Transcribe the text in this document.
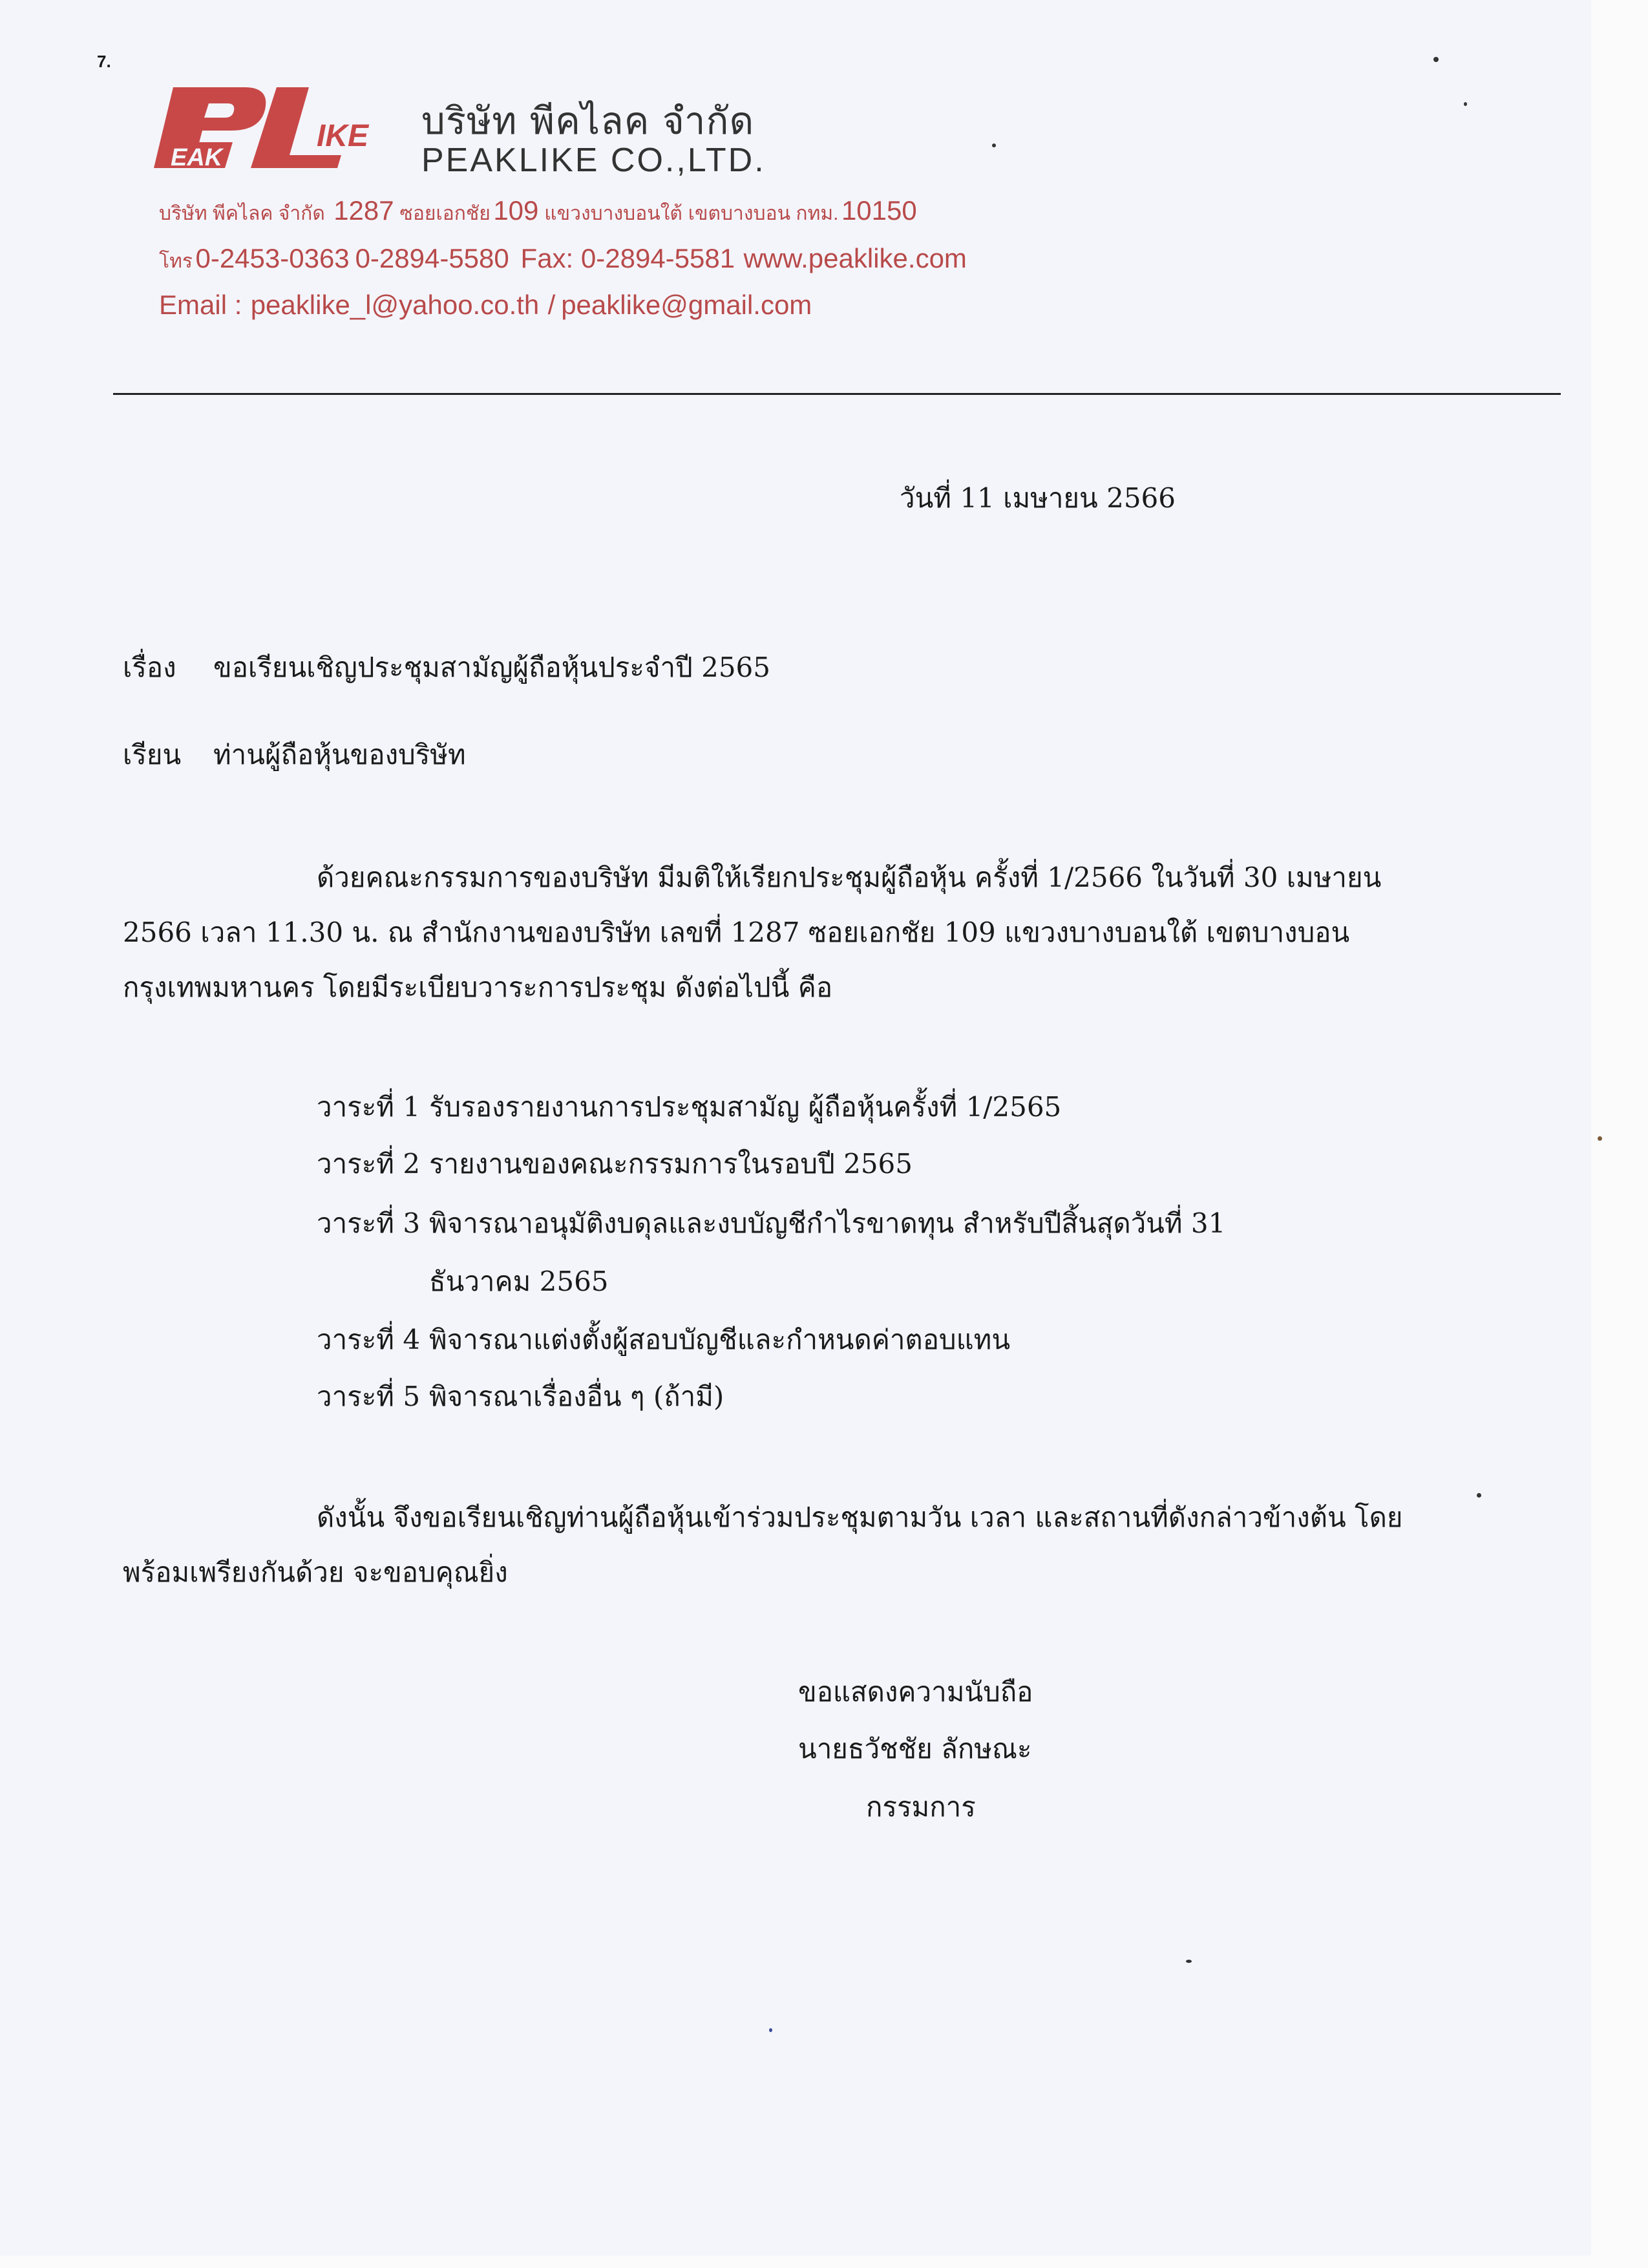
7.
EAK
IKE บริษัท พีคไลค จำกัด
PEAKLIKE CO.,LTD.
บริษัท พีคไลค จำกัด 1287 ซอยเอกชัย 109 แขวงบางบอนใต้ เขตบางบอน กทม. 10150
โทร 0-2453-0363 0-2894-5580 Fax: 0-2894-5581 www.peaklike.com
Email : peaklike_l@yahoo.co.th / peaklike@gmail.com
วันที่ 11 เมษายน 2566
เรื่อง ขอเรียนเชิญประชุมสามัญผู้ถือหุ้นประจำปี 2565
เรียน ท่านผู้ถือหุ้นของบริษัท
ด้วยคณะกรรมการของบริษัท มีมติให้เรียกประชุมผู้ถือหุ้น ครั้งที่ 1/2566 ในวันที่ 30 เมษายน
2566 เวลา 11.30 น. ณ สำนักงานของบริษัท เลขที่ 1287 ซอยเอกชัย 109 แขวงบางบอนใต้ เขตบางบอน
กรุงเทพมหานคร โดยมีระเบียบวาระการประชุม ดังต่อไปนี้ คือ
วาระที่ 1 รับรองรายงานการประชุมสามัญ ผู้ถือหุ้นครั้งที่ 1/2565
วาระที่ 2 รายงานของคณะกรรมการในรอบปี 2565
วาระที่ 3 พิจารณาอนุมัติงบดุลและงบบัญชีกำไรขาดทุน สำหรับปีสิ้นสุดวันที่ 31
ธันวาคม 2565
วาระที่ 4 พิจารณาแต่งตั้งผู้สอบบัญชีและกำหนดค่าตอบแทน
วาระที่ 5 พิจารณาเรื่องอื่น ๆ (ถ้ามี)
ดังนั้น จึงขอเรียนเชิญท่านผู้ถือหุ้นเข้าร่วมประชุมตามวัน เวลา และสถานที่ดังกล่าวข้างต้น โดย
พร้อมเพรียงกันด้วย จะขอบคุณยิ่ง
ขอแสดงความนับถือ
นายธวัชชัย ลักษณะ
กรรมการ
